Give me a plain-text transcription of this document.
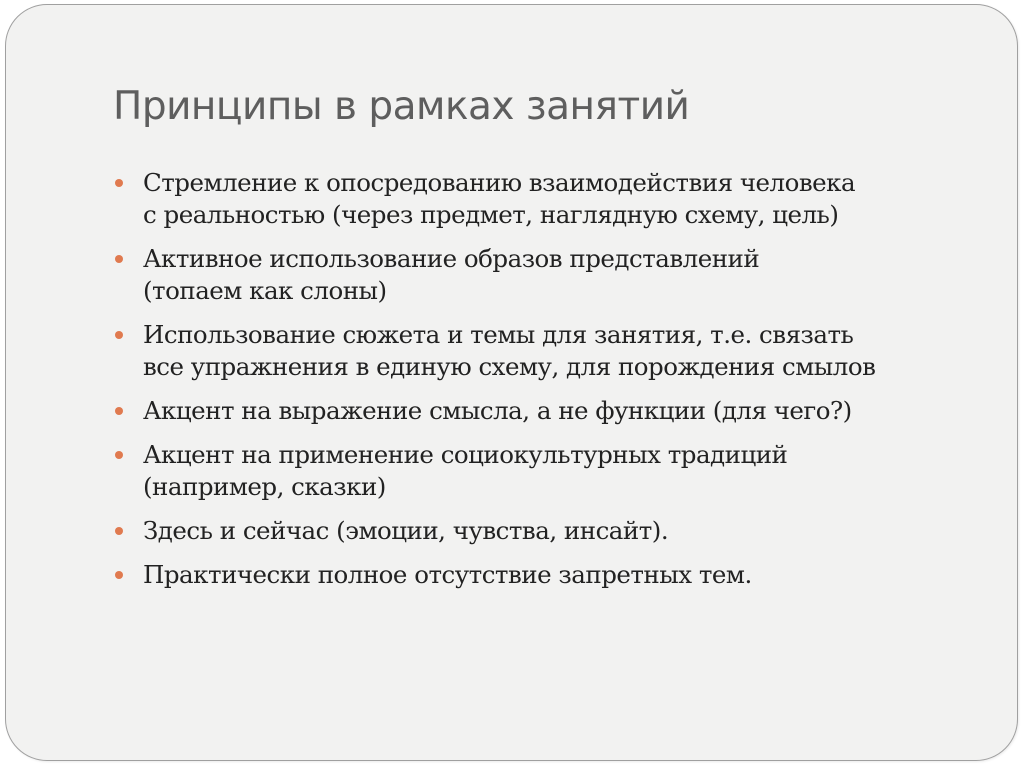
Принципы в рамках занятий
Стремление к опосредованию взаимодействия человека
с реальностью (через предмет, наглядную схему, цель)
Активное использование образов представлений
(топаем как слоны)
Использование сюжета и темы для занятия, т.е. связать
все упражнения в единую схему, для порождения смылов
Акцент на выражение смысла, а не функции (для чего?)
Акцент на применение социокультурных традиций
(например, сказки)
Здесь и сейчас (эмоции, чувства, инсайт).
Практически полное отсутствие запретных тем.
